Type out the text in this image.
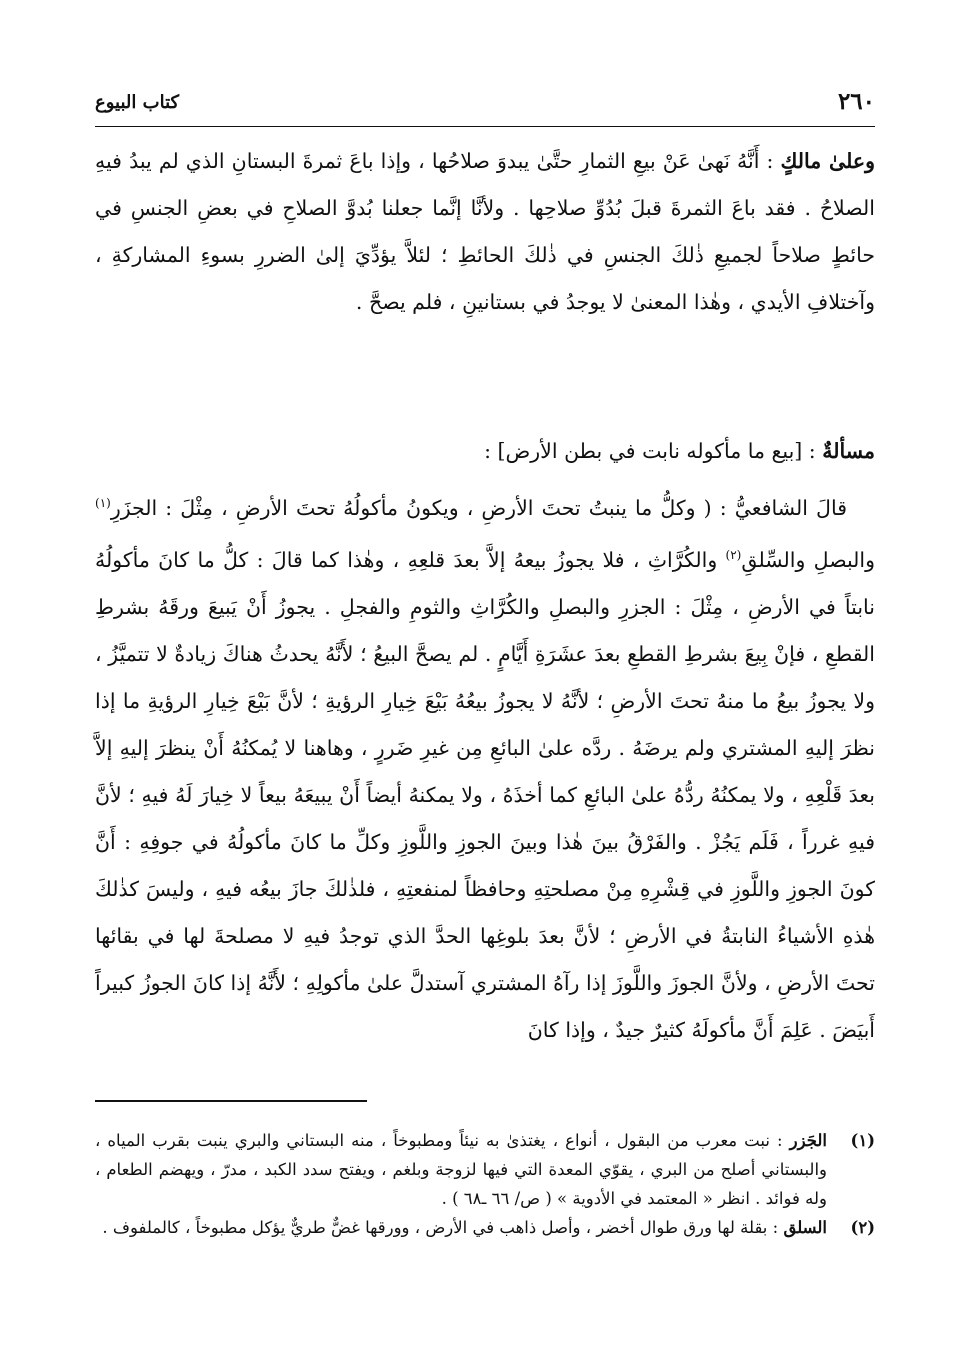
٢٦٠
كتاب البيوع
وعلىٰ مالكٍ : أَنَّهُ نَهىٰ عَنْ بيعِ الثمارِ حتَّىٰ يبدوَ صلاحُها ، وإذا باعَ ثمرةَ البستانِ الذي لم يبدُ فيهِ الصلاحُ . فقد باعَ الثمرةَ قبلَ بُدُوِّ صلاحِها . ولأنَّا إنَّما جعلنا بُدوَّ الصلاحِ في بعضِ الجنسِ في حائطٍ صلاحاً لجميعِ ذٰلكَ الجنسِ في ذٰلكَ الحائطِ ؛ لئلاَّ يؤدِّيَ إلىٰ الضررِ بسوءِ المشاركةِ ، وآختلافِ الأيدي ، وهٰذا المعنىٰ لا يوجدُ في بستانينِ ، فلم يصحَّ .
مسألةٌ : [بيع ما مأكوله نابت في بطن الأرض] :
قالَ الشافعيُّ : ( وكلُّ ما ينبتُ تحتَ الأرضِ ، ويكونُ مأكولُهُ تحتَ الأرضِ ، مِثْلَ : الجزَرِ$^{(١)}$ والبصلِ والسِّلقِ$^{(٢)}$ والكُرَّاثِ ، فلا يجوزُ بيعهُ إلاَّ بعدَ قلعِهِ ، وهٰذا كما قالَ : كلُّ ما كانَ مأكولُهُ نابتاً في الأرضِ ، مِثْلَ : الجزرِ والبصلِ والكُرَّاثِ والثومِ والفجلِ . يجوزُ أَنْ يَبيعَ ورقَهُ بشرطِ القطعِ ، فإنْ بِيعَ بشرطِ القطعِ بعدَ عشَرَةِ أَيَّامٍ . لم يصحَّ البيعُ ؛ لأَنَّهُ يحدثُ هناكَ زيادةٌ لا تتميَّزُ ، ولا يجوزُ بيعُ ما منهُ تحتَ الأرضِ ؛ لأنَّهُ لا يجوزُ بيعُهُ بَيْعَ خِيارِ الرؤيةِ ؛ لأنَّ بَيْعَ خِيارِ الرؤيةِ ما إذا نظرَ إليهِ المشتري ولم يرضَهُ . ردَّه علىٰ البائعِ مِن غيرِ ضَررٍ ، وهاهنا لا يُمكنُهُ أَنْ ينظرَ إليهِ إلاَّ بعدَ قَلْعِهِ ، ولا يمكنُهُ ردُّهُ علىٰ البائعِ كما أخذَهُ ، ولا يمكنهُ أيضاً أَنْ يبيعَهُ بيعاً لا خِيارَ لَهُ فيهِ ؛ لأنَّ فيهِ غرراً ، فَلَم يَجُزْ . والفَرْقُ بينَ هٰذا وبينَ الجوزِ واللَّوزِ وكلِّ ما كانَ مأكولُهُ في جوفِهِ : أَنَّ كونَ الجوزِ واللَّوزِ في قِشْرِهِ مِنْ مصلحتِهِ وحافظاً لمنفعتِهِ ، فلذٰلكَ جازَ بيعُه فيهِ ، وليسَ كذٰلكَ هٰذهِ الأشياءُ النابتةُ في الأرضِ ؛ لأنَّ بعدَ بلوغِها الحدَّ الذي توجدُ فيهِ لا مصلحةَ لها في بقائها تحتَ الأرضِ ، ولأنَّ الجوزَ واللَّوزَ إذا رآهُ المشتري آستدلَّ علىٰ مأكولِهِ ؛ لأَنَّهُ إذا كانَ الجوزُ كبيراً أَبيَضَ . عَلِمَ أَنَّ مأكولَهُ كثيرٌ جيدٌ ، وإذا كانَ
(١)
الجَزر : نبت معرب من البقول ، أنواع ، يغتذىٰ به نيئاً ومطبوخاً ، منه البستاني والبري ينبت بقرب المياه ، والبستاني أصلح من البري ، يقوّي المعدة التي فيها لزوجة وبلغم ، ويفتح سدد الكبد ، مدرّ ، ويهضم الطعام ، وله فوائد . انظر « المعتمد في الأدوية » ( ص/ ٦٦ ـ٦٨ ) .
(٢)
السلق : بقلة لها ورق طوال أخضر ، وأصل ذاهب في الأرض ، وورقها غضٌّ طريٌّ يؤكل مطبوخاً ، كالملفوف .
